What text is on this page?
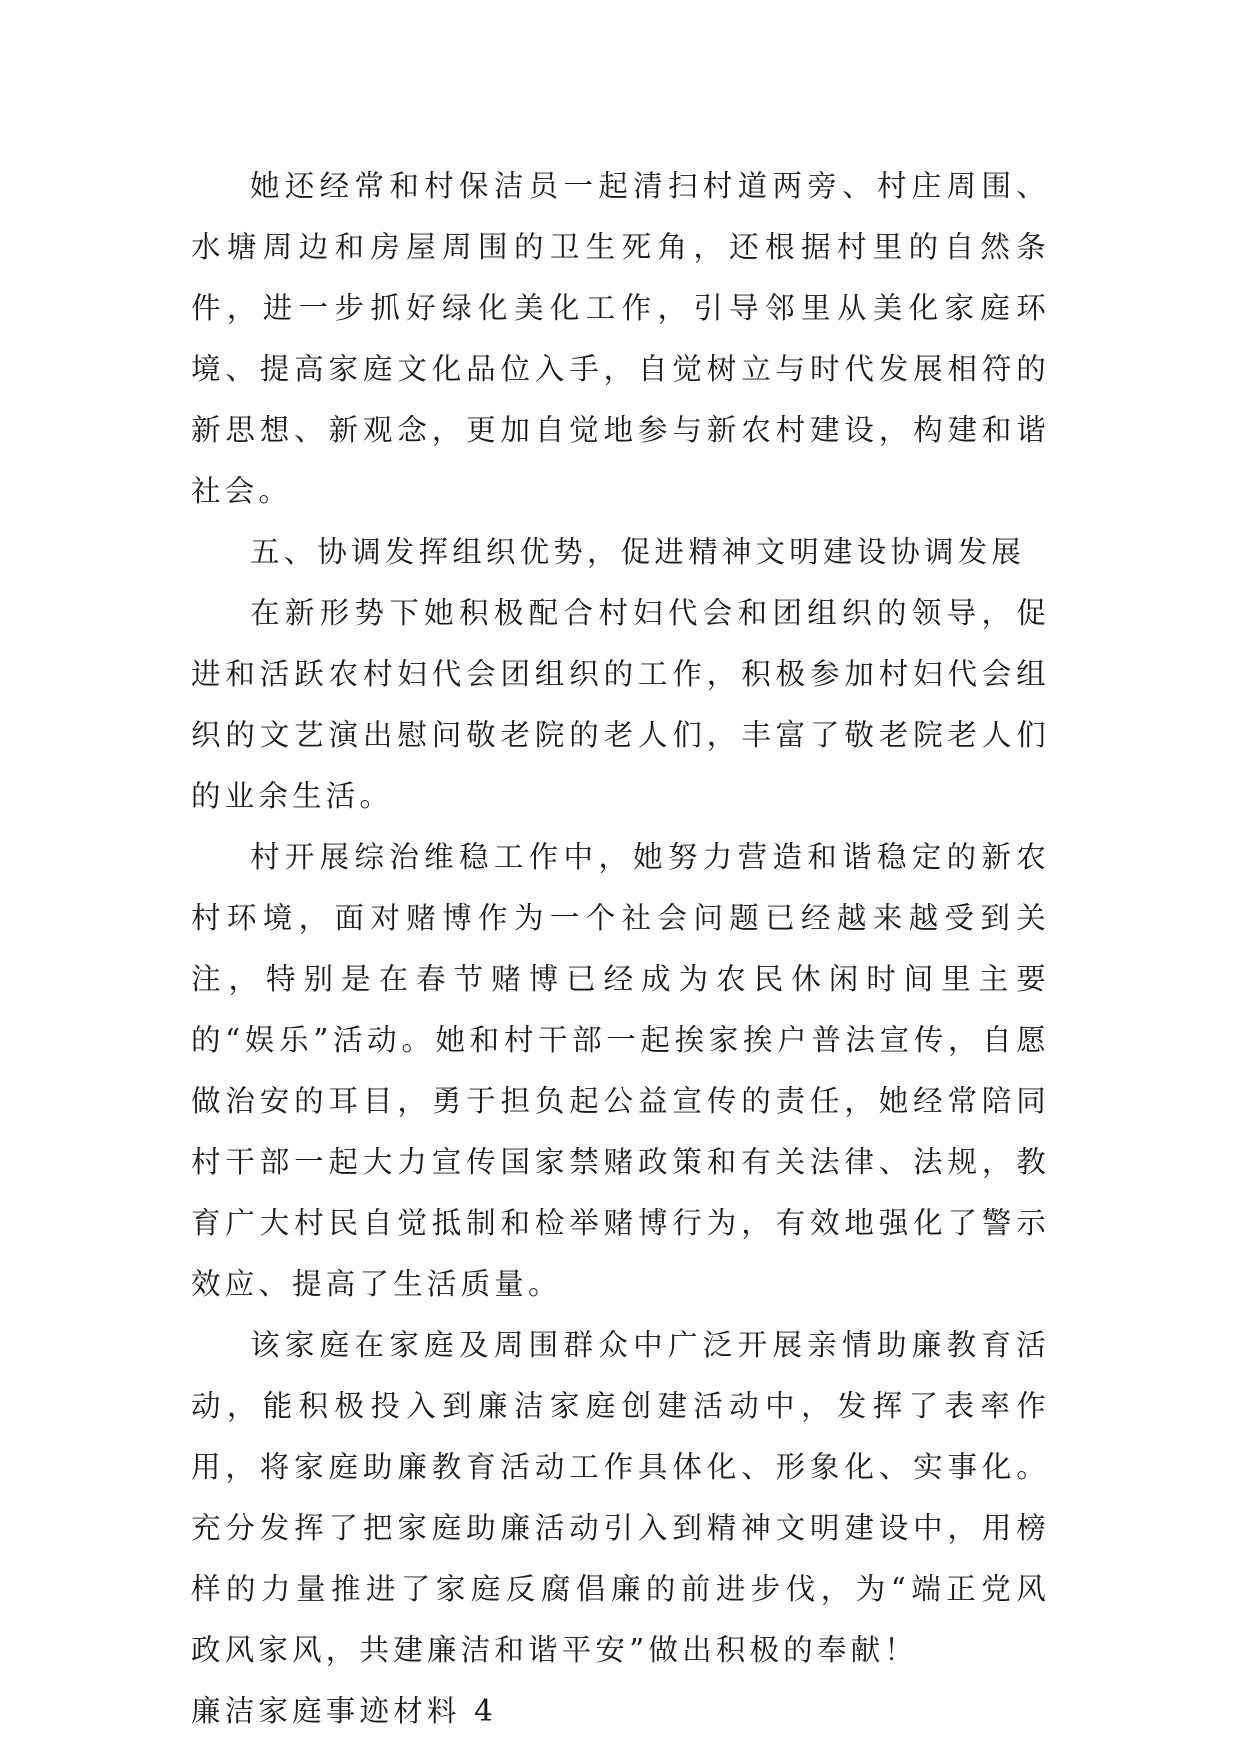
她还经常和村保洁员一起清扫村道两旁、村庄周围、水塘周边和房屋周围的卫生死角，还根据村里的自然条件，进一步抓好绿化美化工作，引导邻里从美化家庭环境、提高家庭文化品位入手，自觉树立与时代发展相符的新思想、新观念，更加自觉地参与新农村建设，构建和谐社会。

五、协调发挥组织优势，促进精神文明建设协调发展

在新形势下她积极配合村妇代会和团组织的领导，促进和活跃农村妇代会团组织的工作，积极参加村妇代会组织的文艺演出慰问敬老院的老人们，丰富了敬老院老人们的业余生活。

村开展综治维稳工作中，她努力营造和谐稳定的新农村环境，面对赌博作为一个社会问题已经越来越受到关注，特别是在春节赌博已经成为农民休闲时间里主要的“娱乐”活动。她和村干部一起挨家挨户普法宣传，自愿做治安的耳目，勇于担负起公益宣传的责任，她经常陪同村干部一起大力宣传国家禁赌政策和有关法律、法规，教育广大村民自觉抵制和检举赌博行为，有效地强化了警示效应、提高了生活质量。

该家庭在家庭及周围群众中广泛开展亲情助廉教育活动，能积极投入到廉洁家庭创建活动中，发挥了表率作用，将家庭助廉教育活动工作具体化、形象化、实事化。充分发挥了把家庭助廉活动引入到精神文明建设中，用榜样的力量推进了家庭反腐倡廉的前进步伐，为“端正党风政风家风，共建廉洁和谐平安”做出积极的奉献！

廉洁家庭事迹材料 4
